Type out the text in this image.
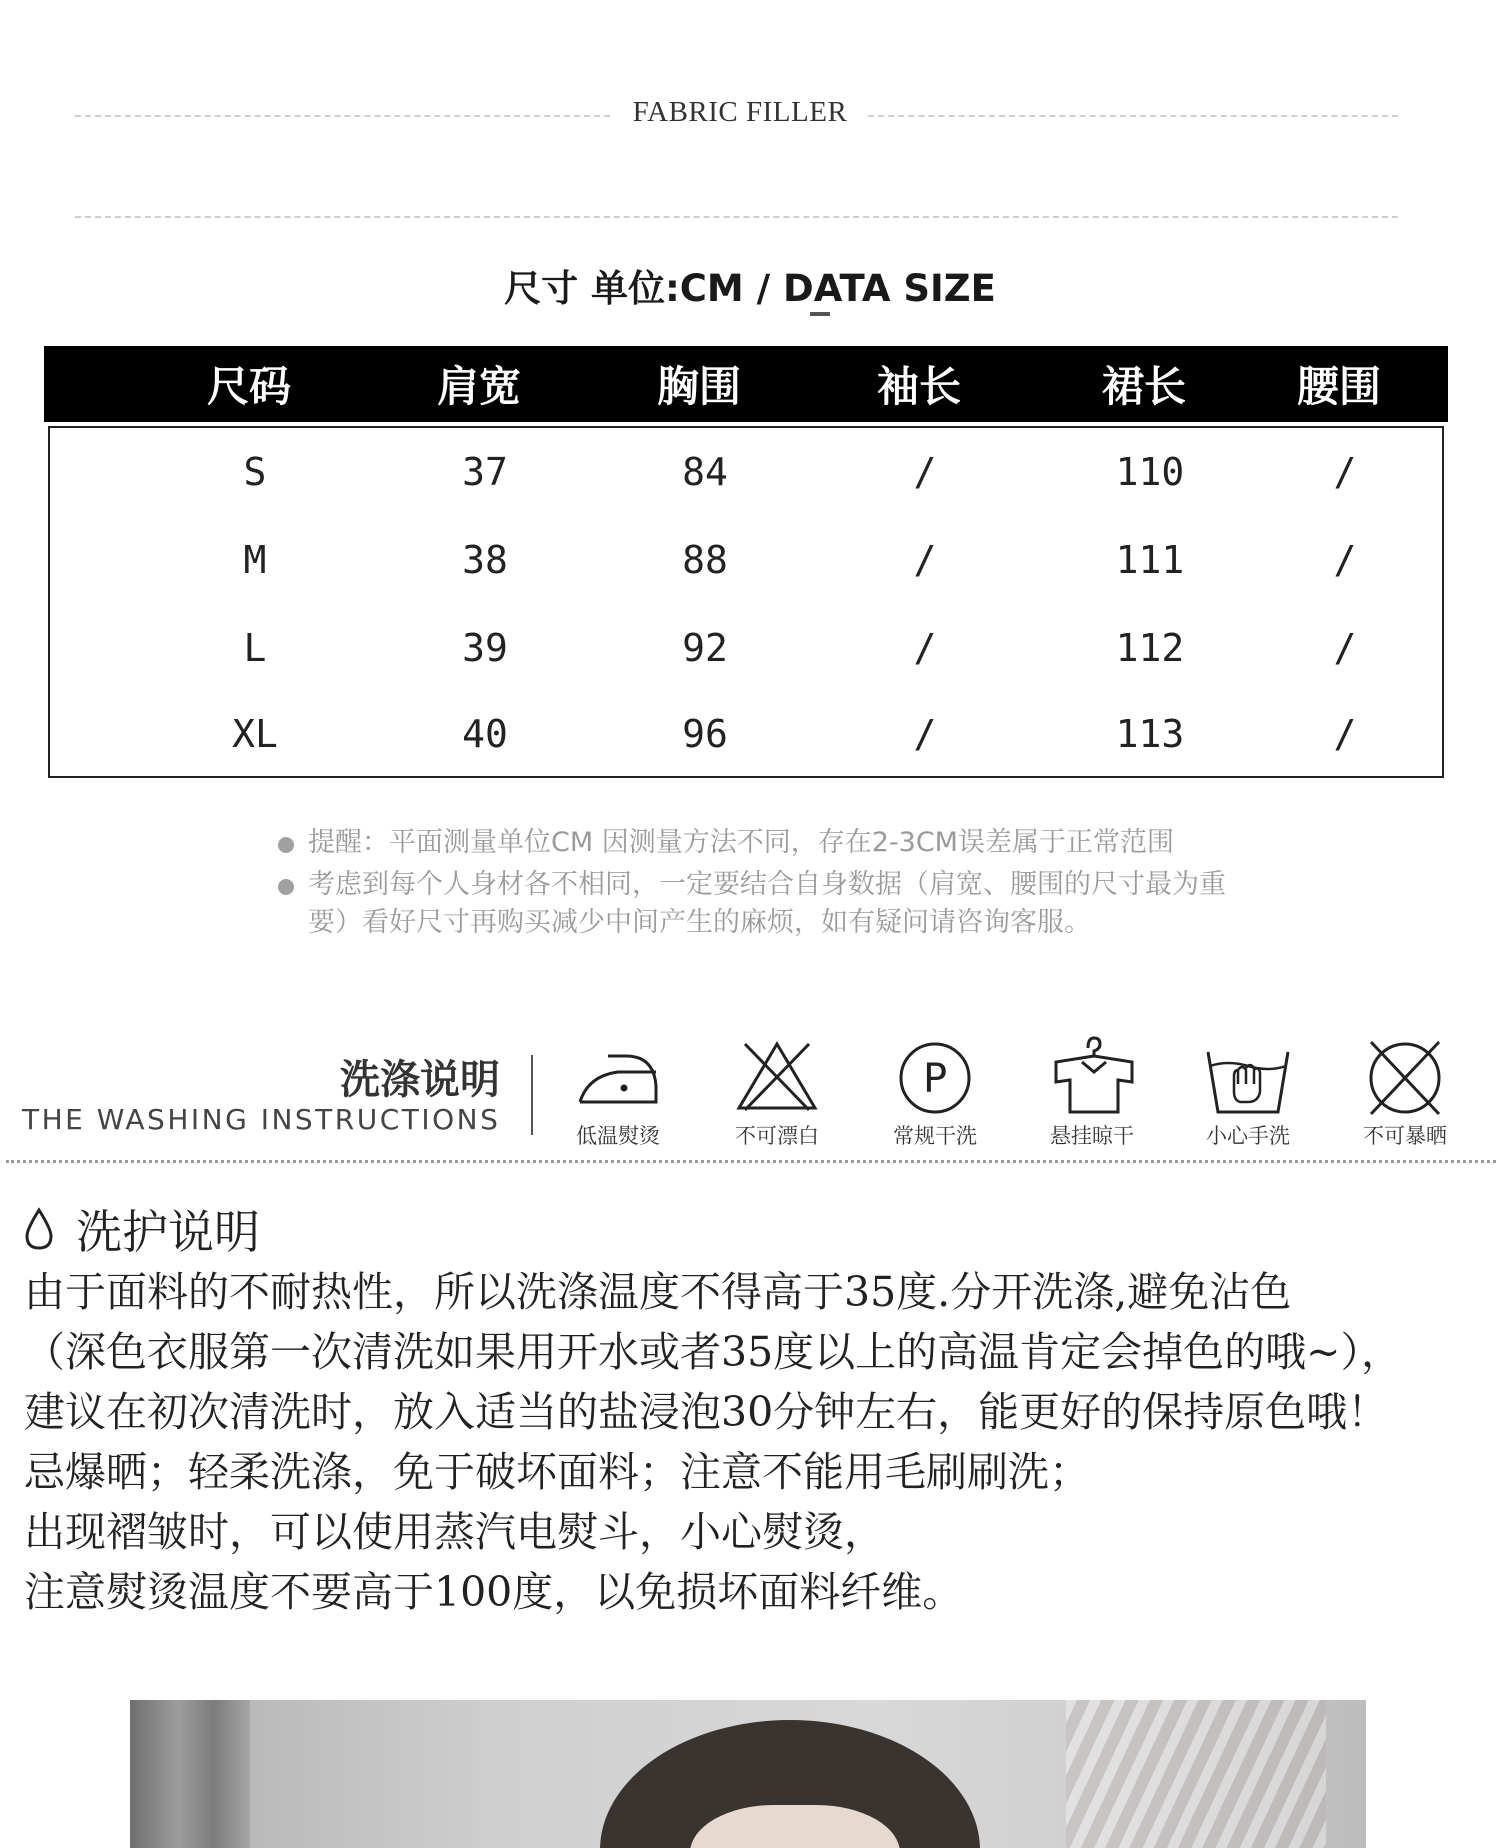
FABRIC FILLER
尺寸 单位:CM / DATA SIZE
尺码	肩宽	胸围	袖长	裙长	腰围
S	37	84	/	110	/
M	38	88	/	111	/
L	39	92	/	112	/
XL	40	96	/	113	/
提醒：平面测量单位CM 因测量方法不同，存在2-3CM误差属于正常范围
考虑到每个人身材各不相同，一定要结合自身数据（肩宽、腰围的尺寸最为重要）看好尺寸再购买减少中间产生的麻烦，如有疑问请咨询客服。
洗涤说明
THE WASHING INSTRUCTIONS	低温熨烫	不可漂白
P
常规干洗	悬挂晾干	小心手洗	不可暴晒
洗护说明
由于面料的不耐热性，所以洗涤温度不得高于35度.分开洗涤,避免沾色
（深色衣服第一次清洗如果用开水或者35度以上的高温肯定会掉色的哦~），
建议在初次清洗时，放入适当的盐浸泡30分钟左右，能更好的保持原色哦！
忌爆晒；轻柔洗涤，免于破坏面料；注意不能用毛刷刷洗；
出现褶皱时，可以使用蒸汽电熨斗，小心熨烫，
注意熨烫温度不要高于100度，以免损坏面料纤维。
